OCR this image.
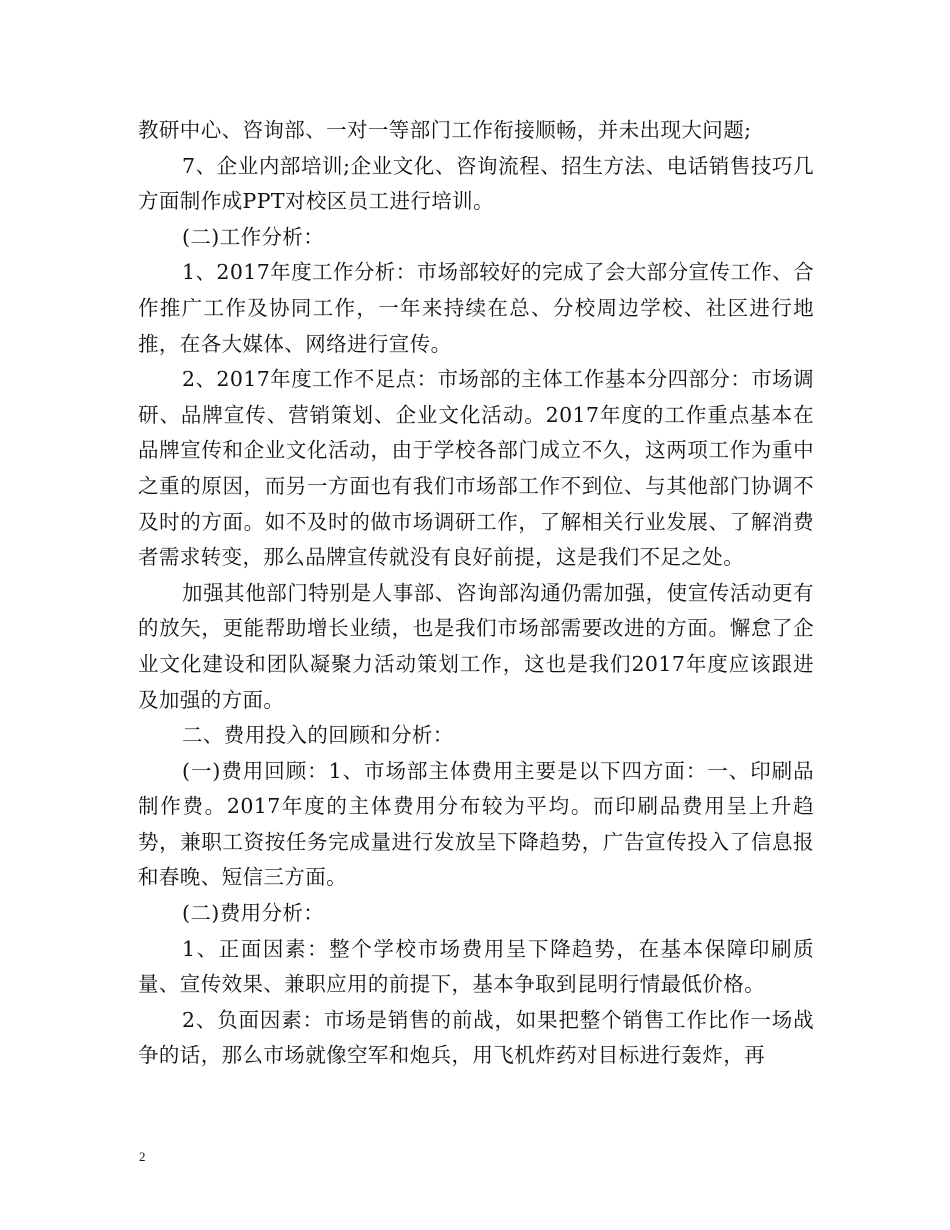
教研中心、咨询部、一对一等部门工作衔接顺畅，并未出现大问题;

7、企业内部培训;企业文化、咨询流程、招生方法、电话销售技巧几方面制作成PPT对校区员工进行培训。

(二)工作分析：

1、2017年度工作分析：市场部较好的完成了会大部分宣传工作、合作推广工作及协同工作，一年来持续在总、分校周边学校、社区进行地推，在各大媒体、网络进行宣传。

2、2017年度工作不足点：市场部的主体工作基本分四部分：市场调研、品牌宣传、营销策划、企业文化活动。2017年度的工作重点基本在品牌宣传和企业文化活动，由于学校各部门成立不久，这两项工作为重中之重的原因，而另一方面也有我们市场部工作不到位、与其他部门协调不及时的方面。如不及时的做市场调研工作，了解相关行业发展、了解消费者需求转变，那么品牌宣传就没有良好前提，这是我们不足之处。

加强其他部门特别是人事部、咨询部沟通仍需加强，使宣传活动更有的放矢，更能帮助增长业绩，也是我们市场部需要改进的方面。懈怠了企业文化建设和团队凝聚力活动策划工作，这也是我们2017年度应该跟进及加强的方面。

二、费用投入的回顾和分析：

(一)费用回顾：1、市场部主体费用主要是以下四方面：一、印刷品制作费。2017年度的主体费用分布较为平均。而印刷品费用呈上升趋势，兼职工资按任务完成量进行发放呈下降趋势，广告宣传投入了信息报和春晚、短信三方面。

(二)费用分析：

1、正面因素：整个学校市场费用呈下降趋势，在基本保障印刷质量、宣传效果、兼职应用的前提下，基本争取到昆明行情最低价格。

2、负面因素：市场是销售的前战，如果把整个销售工作比作一场战争的话，那么市场就像空军和炮兵，用飞机炸药对目标进行轰炸，再

2
